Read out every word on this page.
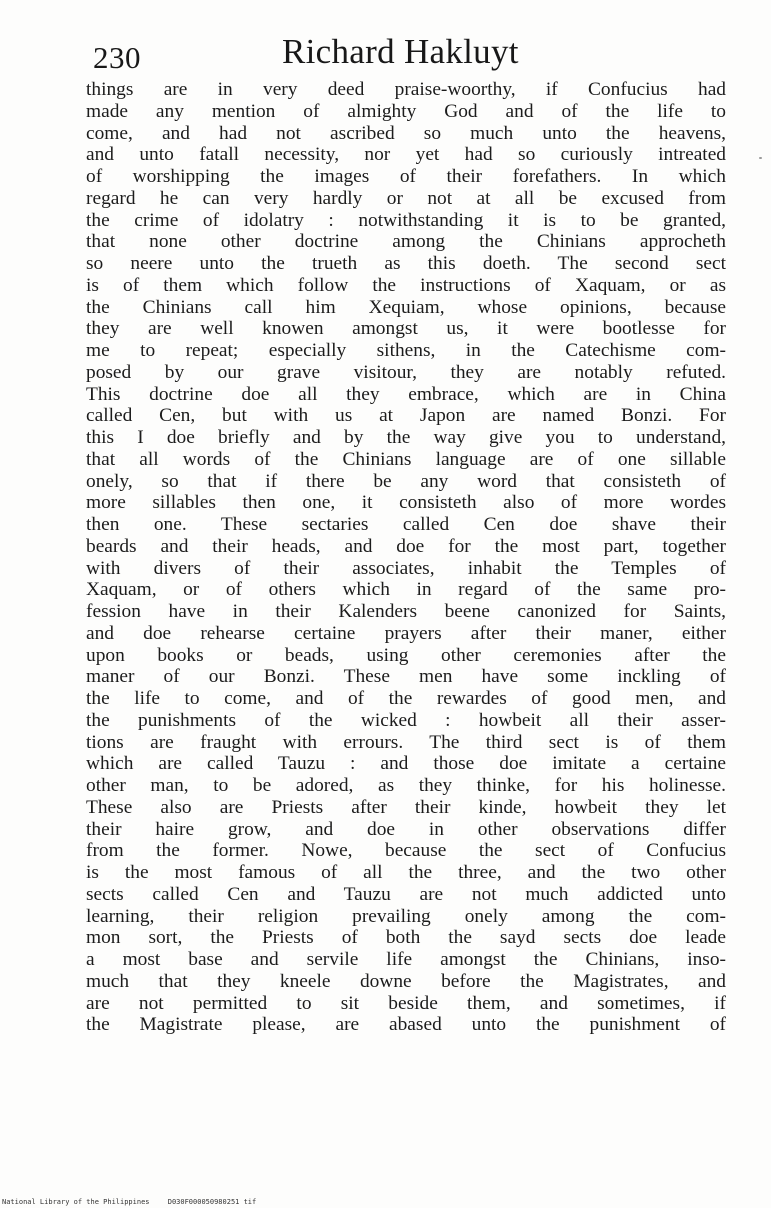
230	Richard Hakluyt
things are in very deed praise-woorthy, if Confucius had
made any mention of almighty God and of the life to
come, and had not ascribed so much unto the heavens,
and unto fatall necessity, nor yet had so curiously intreated
of worshipping the images of their forefathers. In which
regard he can very hardly or not at all be excused from
the crime of idolatry : notwithstanding it is to be granted,
that none other doctrine among the Chinians approcheth
so neere unto the trueth as this doeth. The second sect
is of them which follow the instructions of Xaquam, or as
the Chinians call him Xequiam, whose opinions, because
they are well knowen amongst us, it were bootlesse for
me to repeat; especially sithens, in the Catechisme com-
posed by our grave visitour, they are notably refuted.
This doctrine doe all they embrace, which are in China
called Cen, but with us at Japon are named Bonzi. For
this I doe briefly and by the way give you to understand,
that all words of the Chinians language are of one sillable
onely, so that if there be any word that consisteth of
more sillables then one, it consisteth also of more wordes
then one. These sectaries called Cen doe shave their
beards and their heads, and doe for the most part, together
with divers of their associates, inhabit the Temples of
Xaquam, or of others which in regard of the same pro-
fession have in their Kalenders beene canonized for Saints,
and doe rehearse certaine prayers after their maner, either
upon books or beads, using other ceremonies after the
maner of our Bonzi. These men have some inckling of
the life to come, and of the rewardes of good men, and
the punishments of the wicked : howbeit all their asser-
tions are fraught with errours. The third sect is of them
which are called Tauzu : and those doe imitate a certaine
other man, to be adored, as they thinke, for his holinesse.
These also are Priests after their kinde, howbeit they let
their haire grow, and doe in other observations differ
from the former. Nowe, because the sect of Confucius
is the most famous of all the three, and the two other
sects called Cen and Tauzu are not much addicted unto
learning, their religion prevailing onely among the com-
mon sort, the Priests of both the sayd sects doe leade
a most base and servile life amongst the Chinians, inso-
much that they kneele downe before the Magistrates, and
are not permitted to sit beside them, and sometimes, if
the Magistrate please, are abased unto the punishment of
National Library of the Philippines	D030F000050980251 tif
